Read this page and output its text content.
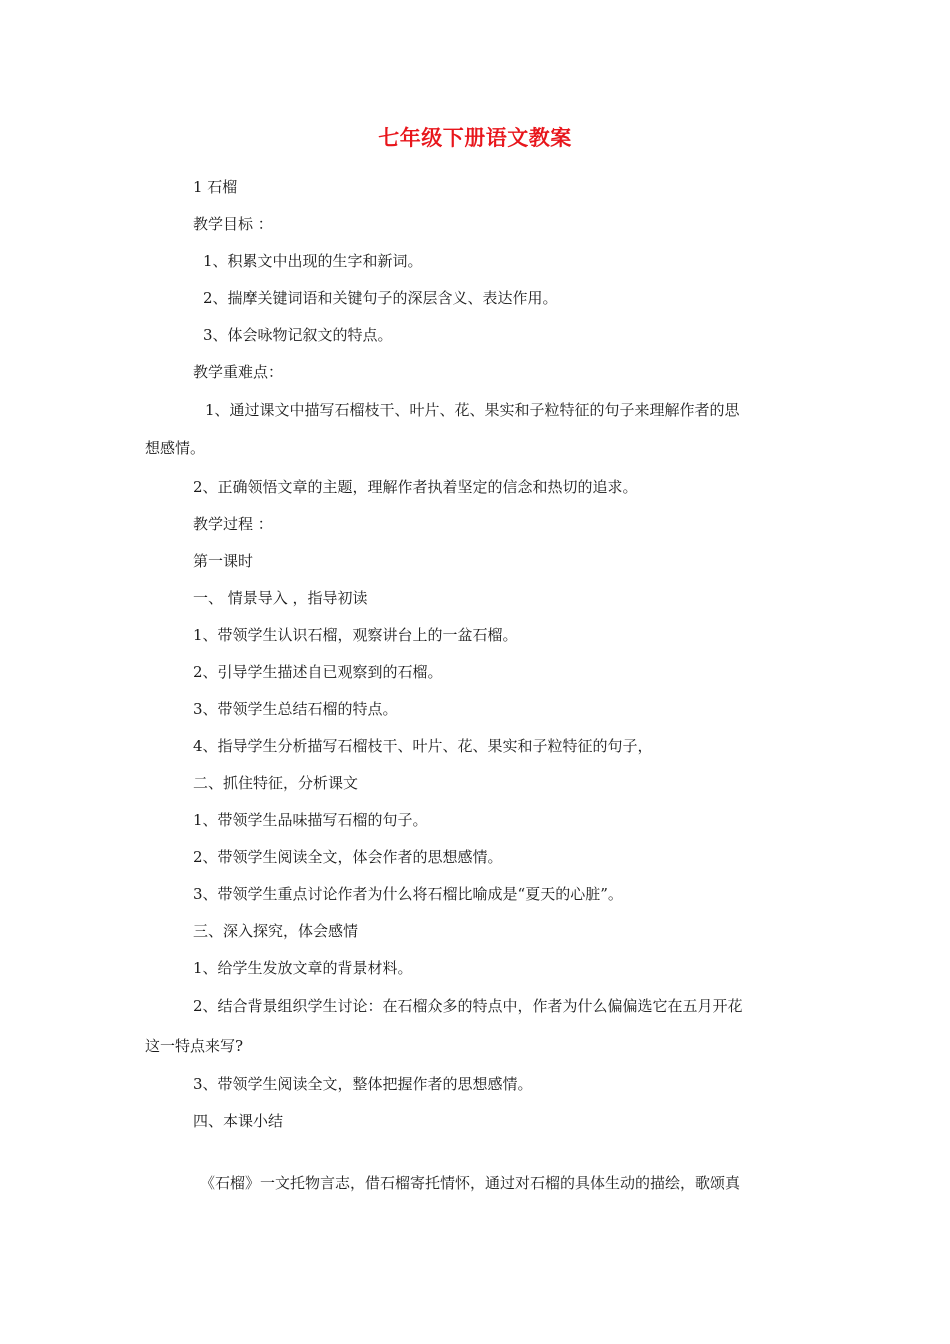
七年级下册语文教案
1 石榴
教学目标 ：
1、积累文中出现的生字和新词。
2、揣摩关键词语和关键句子的深层含义、表达作用。
3、体会咏物记叙文的特点。
教学重难点：
1、通过课文中描写石榴枝干、叶片、花、果实和子粒特征的句子来理解作者的思
想感情。
2、正确领悟文章的主题，理解作者执着坚定的信念和热切的追求。
教学过程 ：
第一课时
一、 情景导入 ，指导初读
1、带领学生认识石榴，观察讲台上的一盆石榴。
2、引导学生描述自已观察到的石榴。
3、带领学生总结石榴的特点。
4、指导学生分析描写石榴枝干、叶片、花、果实和子粒特征的句子，
二、抓住特征，分析课文
1、带领学生品味描写石榴的句子。
2、带领学生阅读全文，体会作者的思想感情。
3、带领学生重点讨论作者为什么将石榴比喻成是“夏天的心脏”。
三、深入探究，体会感情
1、给学生发放文章的背景材料。
2、结合背景组织学生讨论：在石榴众多的特点中，作者为什么偏偏选它在五月开花
这一特点来写?
3、带领学生阅读全文，整体把握作者的思想感情。
四、本课小结
《石榴》一文托物言志，借石榴寄托情怀，通过对石榴的具体生动的描绘，歌颂真
